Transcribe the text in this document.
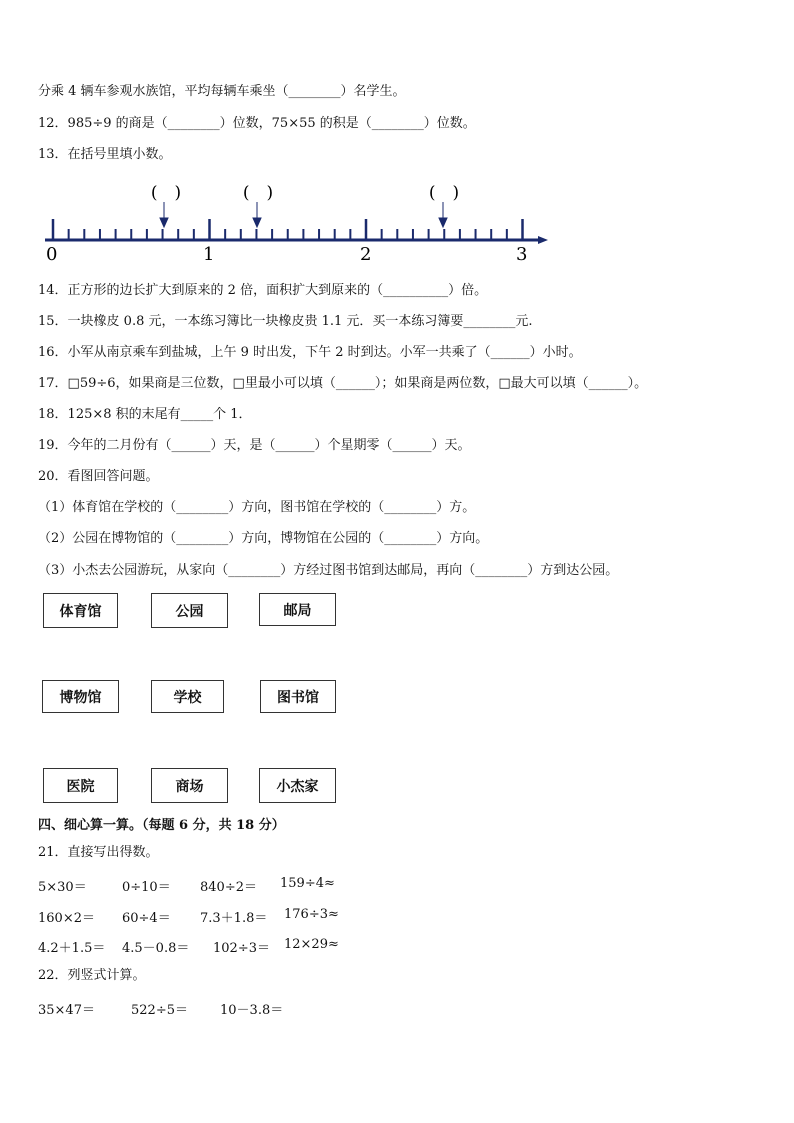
分乘 4 辆车参观水族馆，平均每辆车乘坐（________）名学生。
12．985÷9 的商是（________）位数，75×55 的积是（________）位数。
13．在括号里填小数。
(　)	(　)	(　)
0	1	2	3
14．正方形的边长扩大到原来的 2 倍，面积扩大到原来的（__________）倍。
15．一块橡皮 0.8 元，一本练习簿比一块橡皮贵 1.1 元．买一本练习簿要________元.
16．小军从南京乘车到盐城，上午 9 时出发，下午 2 时到达。小军一共乘了（______）小时。
17．□59÷6，如果商是三位数，□里最小可以填（______）；如果商是两位数，□最大可以填（______）。
18．125×8 积的末尾有_____个 1．
19．今年的二月份有（______）天，是（______）个星期零（______）天。
20．看图回答问题。
（1）体育馆在学校的（________）方向，图书馆在学校的（________）方。
（2）公园在博物馆的（________）方向，博物馆在公园的（________）方向。
（3）小杰去公园游玩，从家向（________）方经过图书馆到达邮局，再向（________）方到达公园。
体育馆	公园	邮局
博物馆	学校	图书馆
医院	商场	小杰家
四、细心算一算。（每题 6 分，共 18 分）
21．直接写出得数。
5×30＝	0÷10＝ 840÷2＝ 159÷4≈
160×2＝ 60÷4＝ 7.3＋1.8＝ 176÷3≈
4.2＋1.5＝ 4.5－0.8＝ 102÷3＝ 12×29≈
22．列竖式计算。
35×47＝	522÷5＝ 10－3.8＝
